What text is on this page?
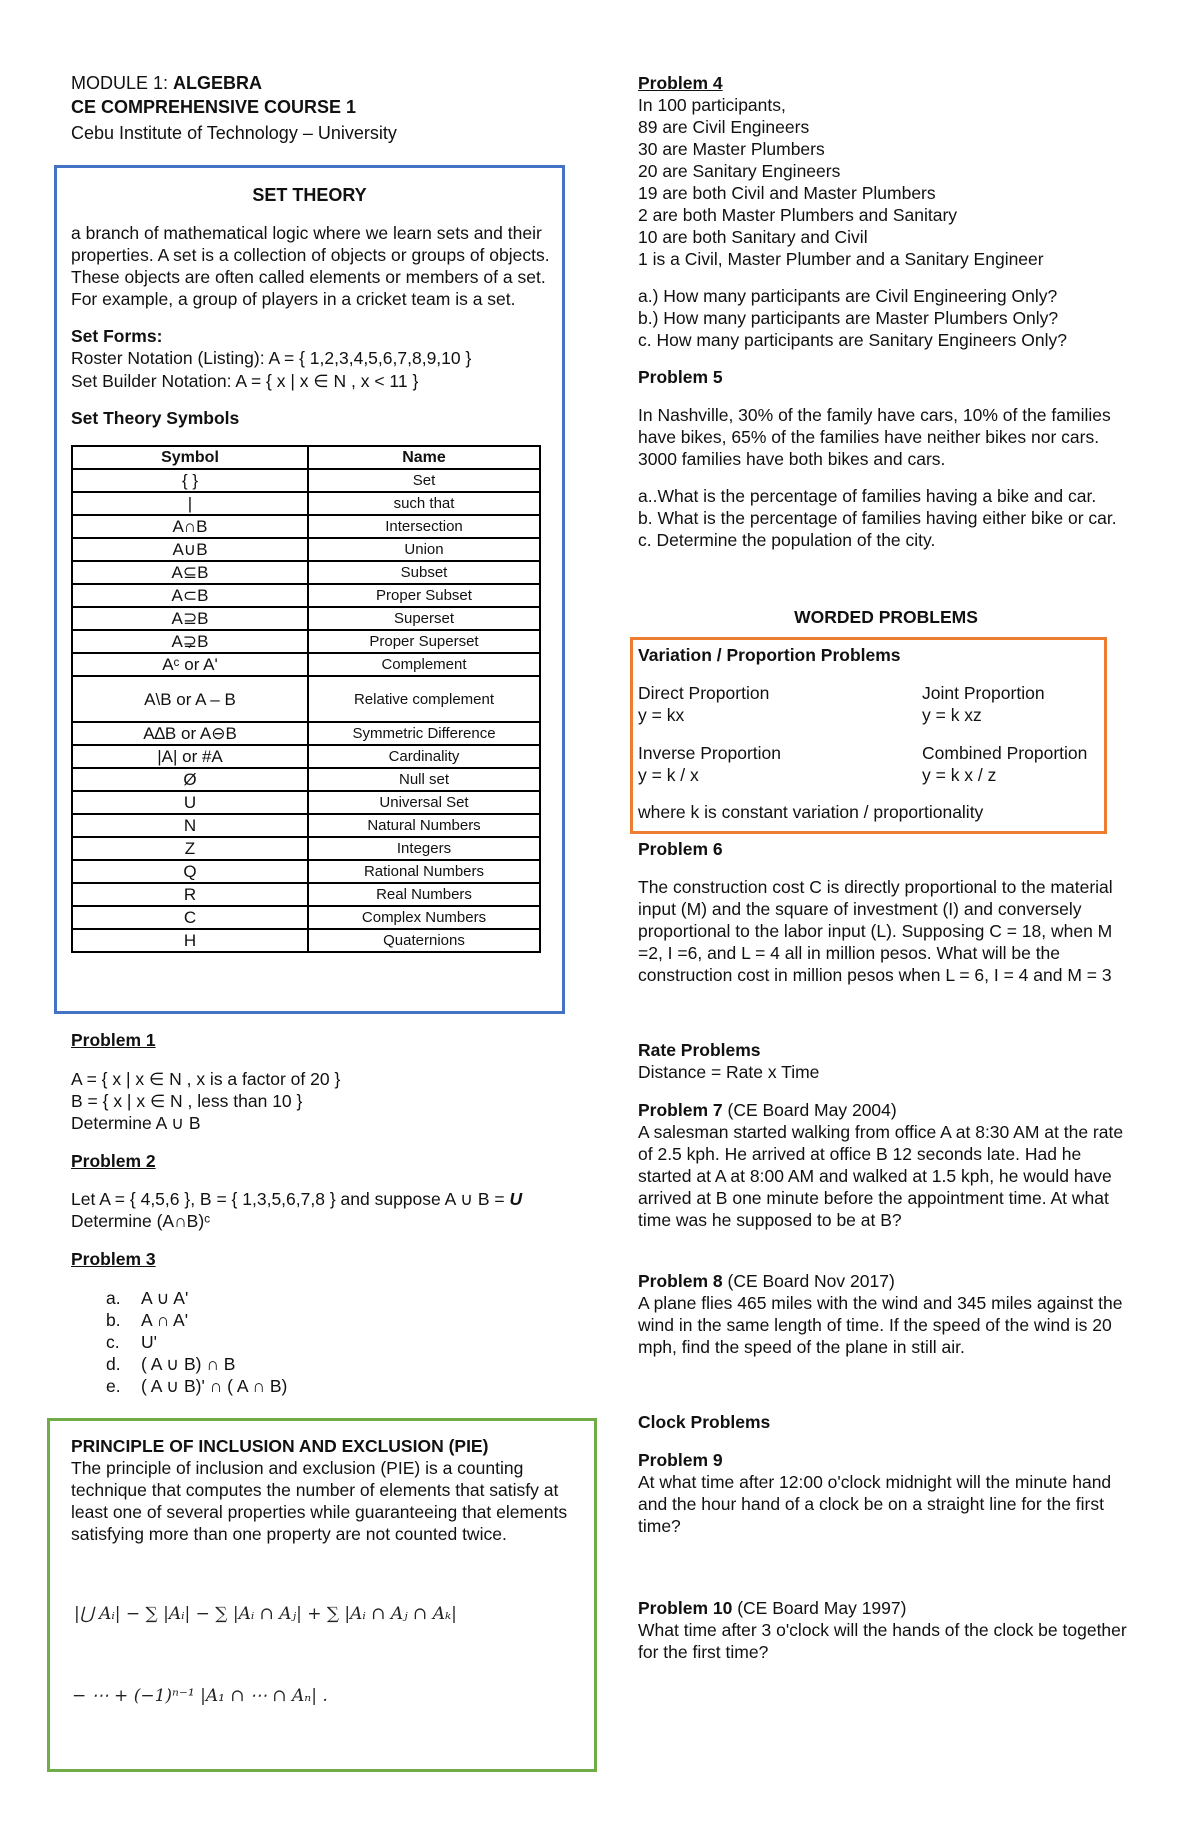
MODULE 1: ALGEBRA

CE COMPREHENSIVE COURSE 1

Cebu Institute of Technology – University

SET THEORY

a branch of mathematical logic where we learn sets and their properties. A set is a collection of objects or groups of objects. These objects are often called elements or members of a set. For example, a group of players in a cricket team is a set.

Set Forms:

Roster Notation (Listing): A = { 1,2,3,4,5,6,7,8,9,10 }

Set Builder Notation: A = { x | x ∈ N , x < 11 }

Set Theory Symbols

Symbol	Name
{ }	Set
|	such that
A∩B	Intersection
A∪B	Union
A⊆B	Subset
A⊂B	Proper Subset
A⊇B	Superset
A⊋B	Proper Superset
Aᶜ or A'	Complement
A\B or A – B	Relative complement
A∆B or A⊖B	Symmetric Difference
|A| or #A	Cardinality
Ø	Null set
U	Universal Set
N	Natural Numbers
Z	Integers
Q	Rational Numbers
R	Real Numbers
C	Complex Numbers
H	Quaternions

Problem 1

A = { x | x ∈ N , x is a factor of 20 }

B = { x | x ∈ N , less than 10 }

Determine A ∪ B

Problem 2

Let A = { 4,5,6 }, B = { 1,3,5,6,7,8 } and suppose A ∪ B = U

Determine (A∩B)ᶜ

Problem 3

a.	A ∪ A'
b.	A ∩ A'
c.	U'
d.	( A ∪ B) ∩ B
e.	( A ∪ B)' ∩ ( A ∩ B)

PRINCIPLE OF INCLUSION AND EXCLUSION (PIE)

The principle of inclusion and exclusion (PIE) is a counting technique that computes the number of elements that satisfy at least one of several properties while guaranteeing that elements satisfying more than one property are not counted twice.

|⋃ Aᵢ| − ∑ |Aᵢ| − ∑ |Aᵢ ∩ Aⱼ| + ∑ |Aᵢ ∩ Aⱼ ∩ Aₖ|

− ⋯ + (−1)ⁿ⁻¹ |A₁ ∩ ⋯ ∩ Aₙ| .

Problem 4

In 100 participants,

89 are Civil Engineers

30 are Master Plumbers

20 are Sanitary Engineers

19 are both Civil and Master Plumbers

2 are both Master Plumbers and Sanitary

10 are both Sanitary and Civil

1 is a Civil, Master Plumber and a Sanitary Engineer

a.) How many participants are Civil Engineering Only?

b.) How many participants are Master Plumbers Only?

c. How many participants are Sanitary Engineers Only?

Problem 5

In Nashville, 30% of the family have cars, 10% of the families have bikes, 65% of the families have neither bikes nor cars. 3000 families have both bikes and cars.

a..What is the percentage of families having a bike and car.

b. What is the percentage of families having either bike or car.

c. Determine the population of the city.

WORDED PROBLEMS

Variation / Proportion Problems

Direct Proportion

y = kx

Joint Proportion

y = k xz

Inverse Proportion

y = k / x

Combined Proportion

y = k x / z

where k is constant variation / proportionality

Problem 6

The construction cost C is directly proportional to the material input (M) and the square of investment (I) and conversely proportional to the labor input (L). Supposing C = 18, when M =2, I =6, and L = 4 all in million pesos. What will be the construction cost in million pesos when L = 6, I = 4 and M = 3

Rate Problems

Distance = Rate x Time

Problem 7 (CE Board May 2004)

A salesman started walking from office A at 8:30 AM at the rate of 2.5 kph. He arrived at office B 12 seconds late. Had he started at A at 8:00 AM and walked at 1.5 kph, he would have arrived at B one minute before the appointment time. At what time was he supposed to be at B?

Problem 8 (CE Board Nov 2017)

A plane flies 465 miles with the wind and 345 miles against the wind in the same length of time. If the speed of the wind is 20 mph, find the speed of the plane in still air.

Clock Problems

Problem 9

At what time after 12:00 o'clock midnight will the minute hand and the hour hand of a clock be on a straight line for the first time?

Problem 10 (CE Board May 1997)

What time after 3 o'clock will the hands of the clock be together for the first time?
